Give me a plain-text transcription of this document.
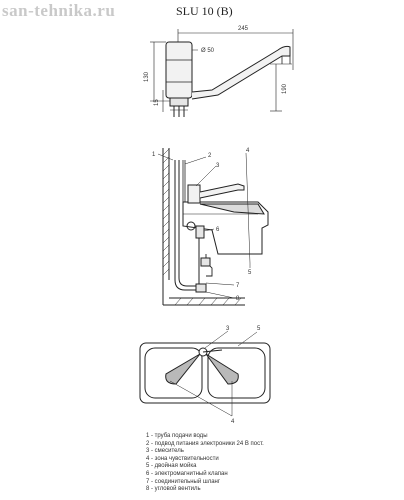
san-tehnika.ru	SLU 10 (B)
245
Ø 50
130
15
190
1	2
3
4
5
6
7
8
3	5
4
1 - труба подачи воды
2 - подвод питания электроники 24 В пост.
3 - смеситель
4 - зона чувствительности
5 - двойная мойка
6 - электромагнитный клапан
7 - соединительный шланг
8 - угловой вентиль
